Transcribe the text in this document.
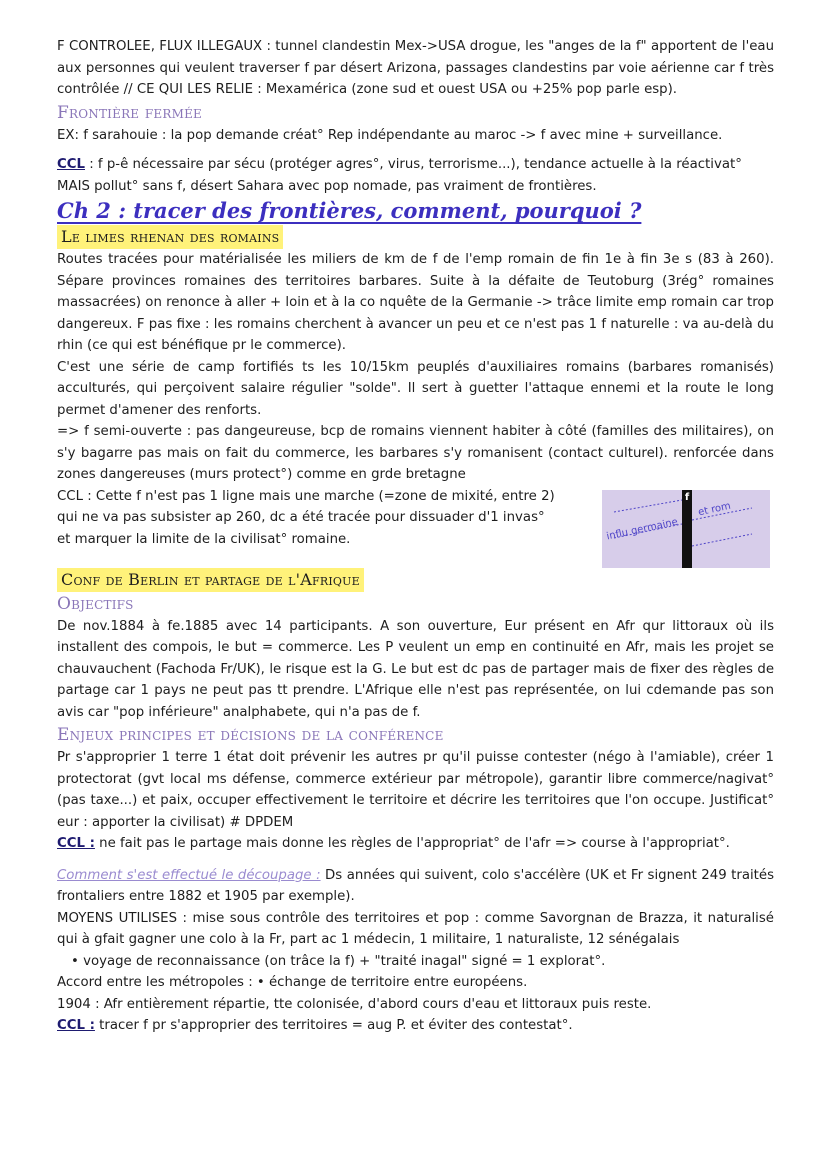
F CONTROLEE, FLUX ILLEGAUX : tunnel clandestin Mex->USA drogue, les "anges de la f" apportent de l'eau aux personnes qui veulent traverser f par désert Arizona, passages clandestins par voie aérienne car f très contrôlée // CE QUI LES RELIE : Mexamérica (zone sud et ouest USA ou +25% pop parle esp).

Frontière fermée

EX: f sarahouie : la pop demande créat° Rep indépendante au maroc -> f avec mine + surveillance.

CCL : f p-ê nécessaire par sécu (protéger agres°, virus, terrorisme...), tendance actuelle à la réactivat°

MAIS pollut° sans f, désert Sahara avec pop nomade, pas vraiment de frontières.

Ch 2 : tracer des frontières, comment, pourquoi ?
Le limes rhenan des romains

Routes tracées pour matérialisée les miliers de km de f de l'emp romain de fin 1e à fin 3e s (83 à 260). Sépare provinces romaines des territoires barbares. Suite à la défaite de Teutoburg (3rég° romaines massacrées) on renonce à aller + loin et à la co nquête de la Germanie -> trâce limite emp romain car trop dangereux. F pas fixe : les romains cherchent à avancer un peu et ce n'est pas 1 f naturelle : va au-delà du rhin (ce qui est bénéfique pr le commerce).

C'est une série de camp fortifiés ts les 10/15km peuplés d'auxiliaires romains (barbares romanisés) acculturés, qui perçoivent salaire régulier "solde". Il sert à guetter l'attaque ennemi et la route le long permet d'amener des renforts.

=> f semi-ouverte : pas dangeureuse, bcp de romains viennent habiter à côté (familles des militaires), on s'y bagarre pas mais on fait du commerce, les barbares s'y romanisent (contact culturel). renforcée dans zones dangereuses (murs protect°) comme en grde bretagne

CCL : Cette f n'est pas 1 ligne mais une marche (=zone de mixité, entre 2)

qui ne va pas subsister ap 260, dc a été tracée pour dissuader d'1 invas°

et marquer la limite de la civilisat° romaine.

f
influ germaine
et rom
Conf de Berlin et partage de l'Afrique
Objectifs

De nov.1884 à fe.1885 avec 14 participants. A son ouverture, Eur présent en Afr qur littoraux où ils installent des compois, le but = commerce. Les P veulent un emp en continuité en Afr, mais les projet se chauvauchent (Fachoda Fr/UK), le risque est la G. Le but est dc pas de partager mais de fixer des règles de partage car 1 pays ne peut pas tt prendre. L'Afrique elle n'est pas représentée, on lui cdemande pas son avis car "pop inférieure" analphabete, qui n'a pas de f.

Enjeux principes et décisions de la conférence

Pr s'approprier 1 terre 1 état doit prévenir les autres pr qu'il puisse contester (négo à l'amiable), créer 1 protectorat (gvt local ms défense, commerce extérieur par métropole), garantir libre commerce/nagivat° (pas taxe...) et paix, occuper effectivement le territoire et décrire les territoires que l'on occupe. Justificat° eur : apporter la civilisat) # DPDEM

CCL : ne fait pas le partage mais donne les règles de l'appropriat° de l'afr => course à l'appropriat°.

Comment s'est effectué le découpage : Ds années qui suivent, colo s'accélère (UK et Fr signent 249 traités frontaliers entre 1882 et 1905 par exemple).

MOYENS UTILISES : mise sous contrôle des territoires et pop : comme Savorgnan de Brazza, it naturalisé qui à gfait gagner une colo à la Fr, part ac 1 médecin, 1 militaire, 1 naturaliste, 12 sénégalais

• voyage de reconnaissance (on trâce la f) + "traité inagal" signé = 1 explorat°.

Accord entre les métropoles : • échange de territoire entre européens.

1904 : Afr entièrement répartie, tte colonisée, d'abord cours d'eau et littoraux puis reste.

CCL : tracer f pr s'approprier des territoires = aug P. et éviter des contestat°.
